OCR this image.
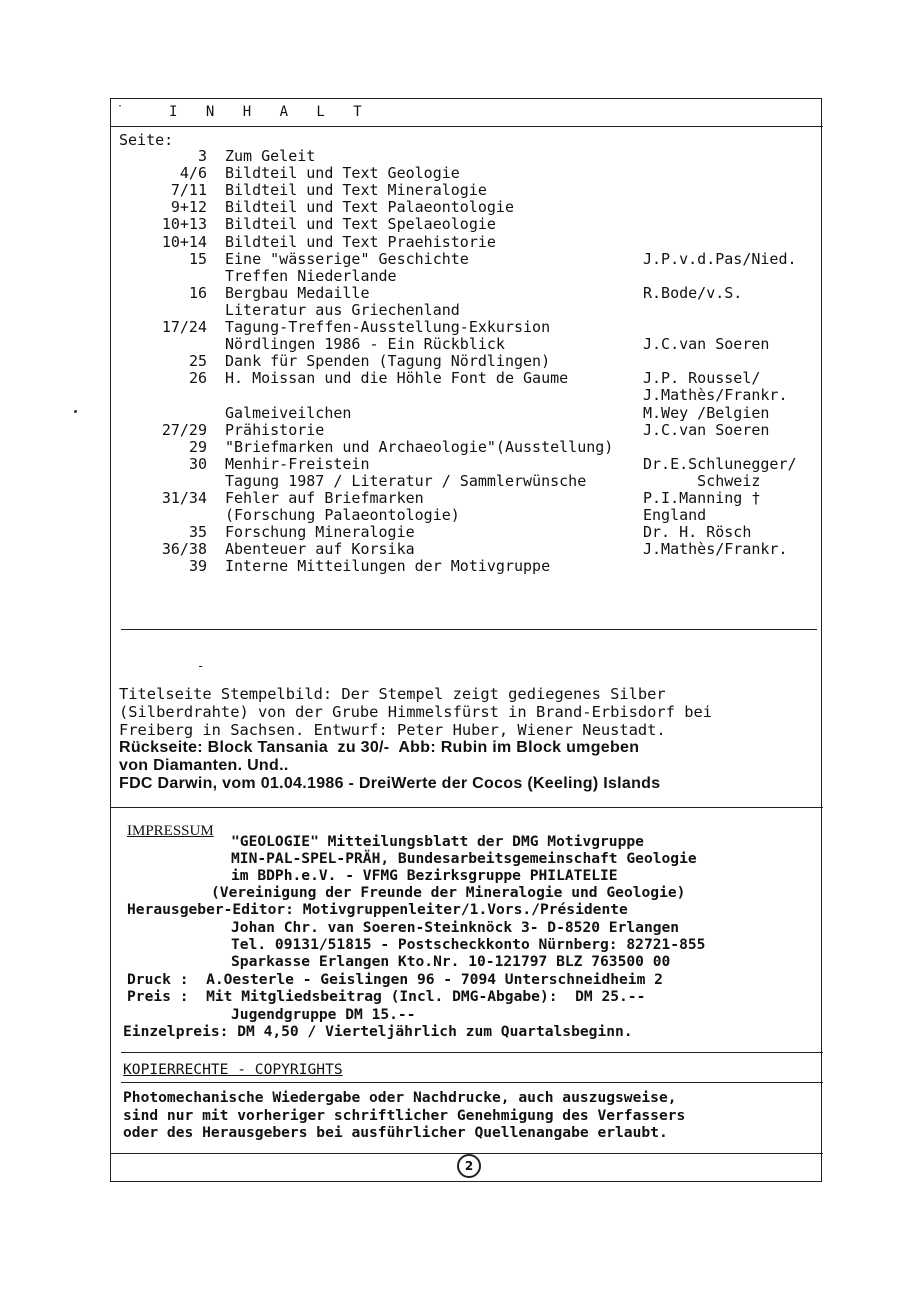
·	I N H A L T
Seite:
3 Zum Geleit
4/6 Bildteil und Text Geologie
7/11 Bildteil und Text Mineralogie
9+12 Bildteil und Text Palaeontologie
10+13 Bildteil und Text Spelaeologie
10+14 Bildteil und Text Praehistorie
15 Eine "wässerige" Geschichte	J.P.v.d.Pas/Nied.
Treffen Niederlande
16 Bergbau Medaille	R.Bode/v.S.
Literatur aus Griechenland
17/24 Tagung-Treffen-Ausstellung-Exkursion
Nördlingen 1986 - Ein Rückblick	J.C.van Soeren
25 Dank für Spenden (Tagung Nördlingen)
26 H. Moissan und die Höhle Font de Gaume	J.P. Roussel/
J.Mathès/Frankr.
Galmeiveilchen	M.Wey /Belgien
27/29 Prähistorie	J.C.van Soeren
29 "Briefmarken und Archaeologie"(Ausstellung)
30 Menhir-Freistein	Dr.E.Schlunegger/
Tagung 1987 / Literatur / Sammlerwünsche	Schweiz
31/34 Fehler auf Briefmarken	P.I.Manning †
(Forschung Palaeontologie)	England
35 Forschung Mineralogie	Dr. H. Rösch
36/38 Abenteuer auf Korsika	J.Mathès/Frankr.
39 Interne Mitteilungen der Motivgruppe
-
Titelseite Stempelbild: Der Stempel zeigt gediegenes Silber
(Silberdrahte) von der Grube Himmelsfürst in Brand-Erbisdorf bei
Freiberg in Sachsen. Entwurf: Peter Huber, Wiener Neustadt.
Rückseite: Block Tansania  zu 30/-  Abb: Rubin im Block umgeben
von Diamanten. Und..
FDC Darwin, vom 01.04.1986 - DreiWerte der Cocos (Keeling) Islands
IMPRESSUM
"GEOLOGIE" Mitteilungsblatt der DMG Motivgruppe
MIN-PAL-SPEL-PRÄH, Bundesarbeitsgemeinschaft Geologie
im BDPh.e.V. - VFMG Bezirksgruppe PHILATELIE
(Vereinigung der Freunde der Mineralogie und Geologie)
Herausgeber-Editor: Motivgruppenleiter/1.Vors./Présidente
Johan Chr. van Soeren-Steinknöck 3- D-8520 Erlangen
Tel. 09131/51815 - Postscheckkonto Nürnberg: 82721-855
Sparkasse Erlangen Kto.Nr. 10-121797 BLZ 763500 00
Druck :  A.Oesterle - Geislingen 96 - 7094 Unterschneidheim 2
Preis :  Mit Mitgliedsbeitrag (Incl. DMG-Abgabe):  DM 25.--
Jugendgruppe DM 15.--
Einzelpreis: DM 4,50 / Vierteljährlich zum Quartalsbeginn.
KOPIERRECHTE - COPYRIGHTS
Photomechanische Wiedergabe oder Nachdrucke, auch auszugsweise,
sind nur mit vorheriger schriftlicher Genehmigung des Verfassers
oder des Herausgebers bei ausführlicher Quellenangabe erlaubt.
2
